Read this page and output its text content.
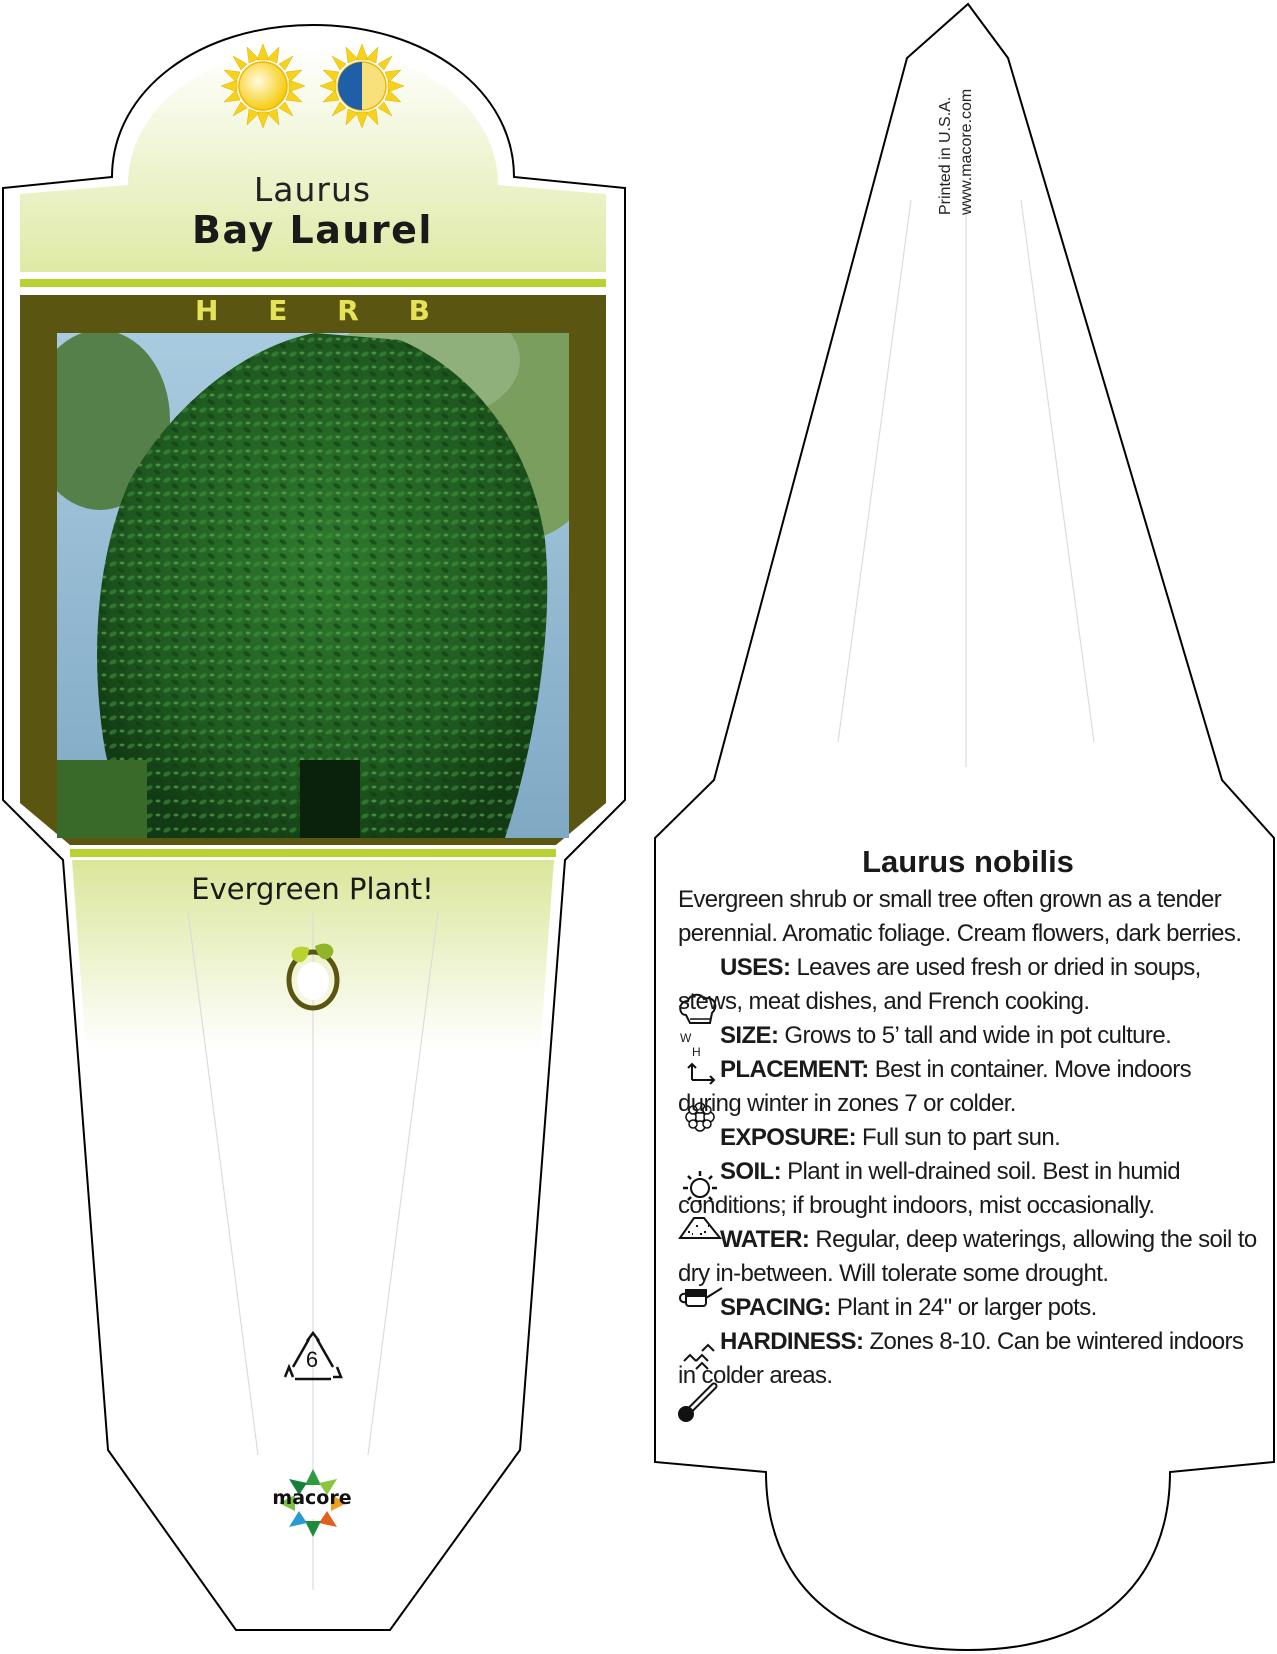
Laurus
Bay Laurel
H E R B
Evergreen Plant!
6
macore
Printed in U.S.A. www.macore.com
Laurus nobilis

Evergreen shrub or small tree often grown as a tender perennial. Aromatic foliage. Cream flowers, dark berries.

USES: Leaves are used fresh or dried in soups, stews, meat dishes, and French cooking.

W
H
SIZE: Grows to 5’ tall and wide in pot culture.

PLACEMENT: Best in container. Move indoors during winter in zones 7 or colder.

EXPOSURE: Full sun to part sun.

SOIL: Plant in well-drained soil. Best in humid conditions; if brought indoors, mist occasionally.

WATER: Regular, deep waterings, allowing the soil to dry in-between. Will tolerate some drought.

SPACING: Plant in 24" or larger pots.

HARDINESS: Zones 8-10. Can be wintered indoors in colder areas.
